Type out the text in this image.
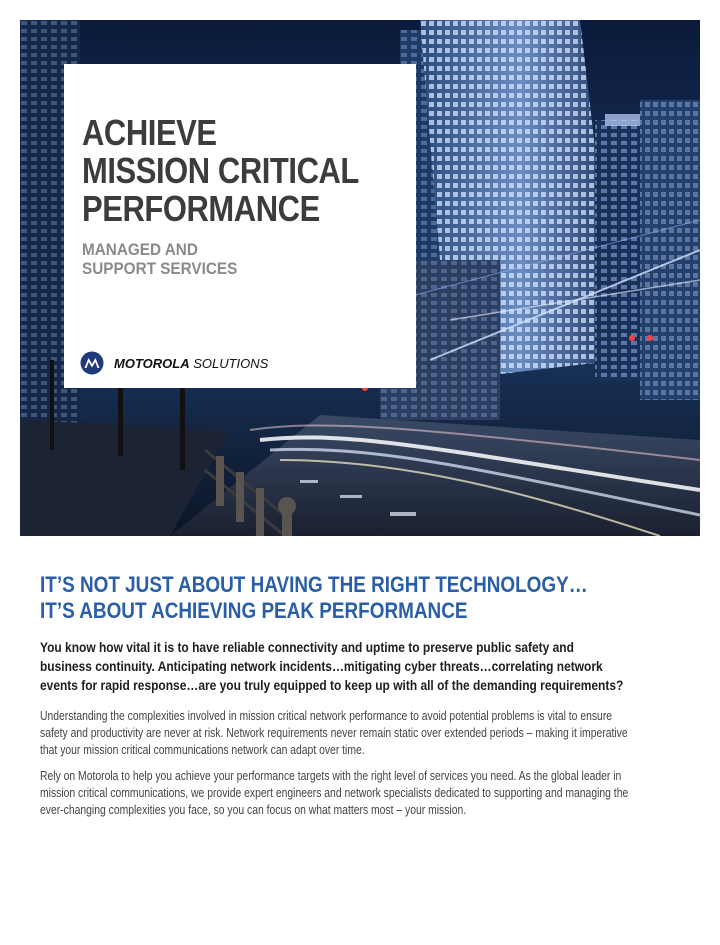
ACHIEVE
MISSION CRITICAL
PERFORMANCE
MANAGED AND
SUPPORT SERVICES
MOTOROLA SOLUTIONS
IT’S NOT JUST ABOUT HAVING THE RIGHT TECHNOLOGY…
IT’S ABOUT ACHIEVING PEAK PERFORMANCE

You know how vital it is to have reliable connectivity and uptime to preserve public safety and
business continuity. Anticipating network incidents…mitigating cyber threats…correlating network
events for rapid response…are you truly equipped to keep up with all of the demanding requirements?

Understanding the complexities involved in mission critical network performance to avoid potential problems is vital to ensure
safety and productivity are never at risk. Network requirements never remain static over extended periods – making it imperative
that your mission critical communications network can adapt over time.

Rely on Motorola to help you achieve your performance targets with the right level of services you need. As the global leader in
mission critical communications, we provide expert engineers and network specialists dedicated to supporting and managing the
ever-changing complexities you face, so you can focus on what matters most – your mission.
